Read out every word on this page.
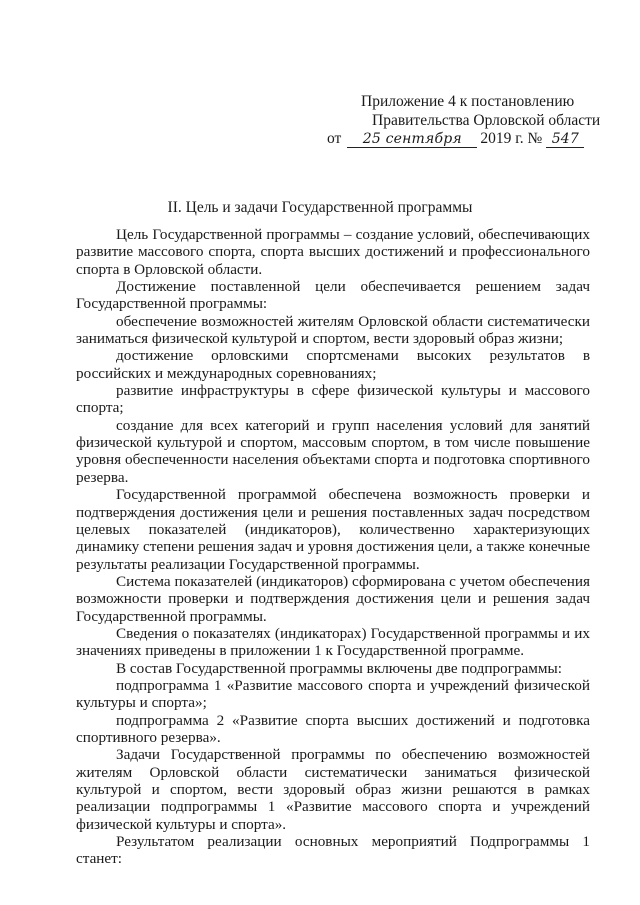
Приложение 4 к постановлению
Правительства Орловской области
от 25 сентября 2019 г. № 547
II. Цель и задачи Государственной программы

Цель Государственной программы – создание условий, обеспечивающих развитие массового спорта, спорта высших достижений и профессионального спорта в Орловской области.

Достижение поставленной цели обеспечивается решением задач Государственной программы:

обеспечение возможностей жителям Орловской области систематически заниматься физической культурой и спортом, вести здоровый образ жизни;

достижение орловскими спортсменами высоких результатов в российских и международных соревнованиях;

развитие инфраструктуры в сфере физической культуры и массового спорта;

создание для всех категорий и групп населения условий для занятий физической культурой и спортом, массовым спортом, в том числе повышение уровня обеспеченности населения объектами спорта и подготовка спортивного резерва.

Государственной программой обеспечена возможность проверки и подтверждения достижения цели и решения поставленных задач посредством целевых показателей (индикаторов), количественно характеризующих динамику степени решения задач и уровня достижения цели, а также конечные результаты реализации Государственной программы.

Система показателей (индикаторов) сформирована с учетом обеспечения возможности проверки и подтверждения достижения цели и решения задач Государственной программы.

Сведения о показателях (индикаторах) Государственной программы и их значениях приведены в приложении 1 к Государственной программе.

В состав Государственной программы включены две подпрограммы:

подпрограмма 1 «Развитие массового спорта и учреждений физической культуры и спорта»;

подпрограмма 2 «Развитие спорта высших достижений и подготовка спортивного резерва».

Задачи Государственной программы по обеспечению возможностей жителям Орловской области систематически заниматься физической культурой и спортом, вести здоровый образ жизни решаются в рамках реализации подпрограммы 1 «Развитие массового спорта и учреждений физической культуры и спорта».

Результатом реализации основных мероприятий Подпрограммы 1 станет:
